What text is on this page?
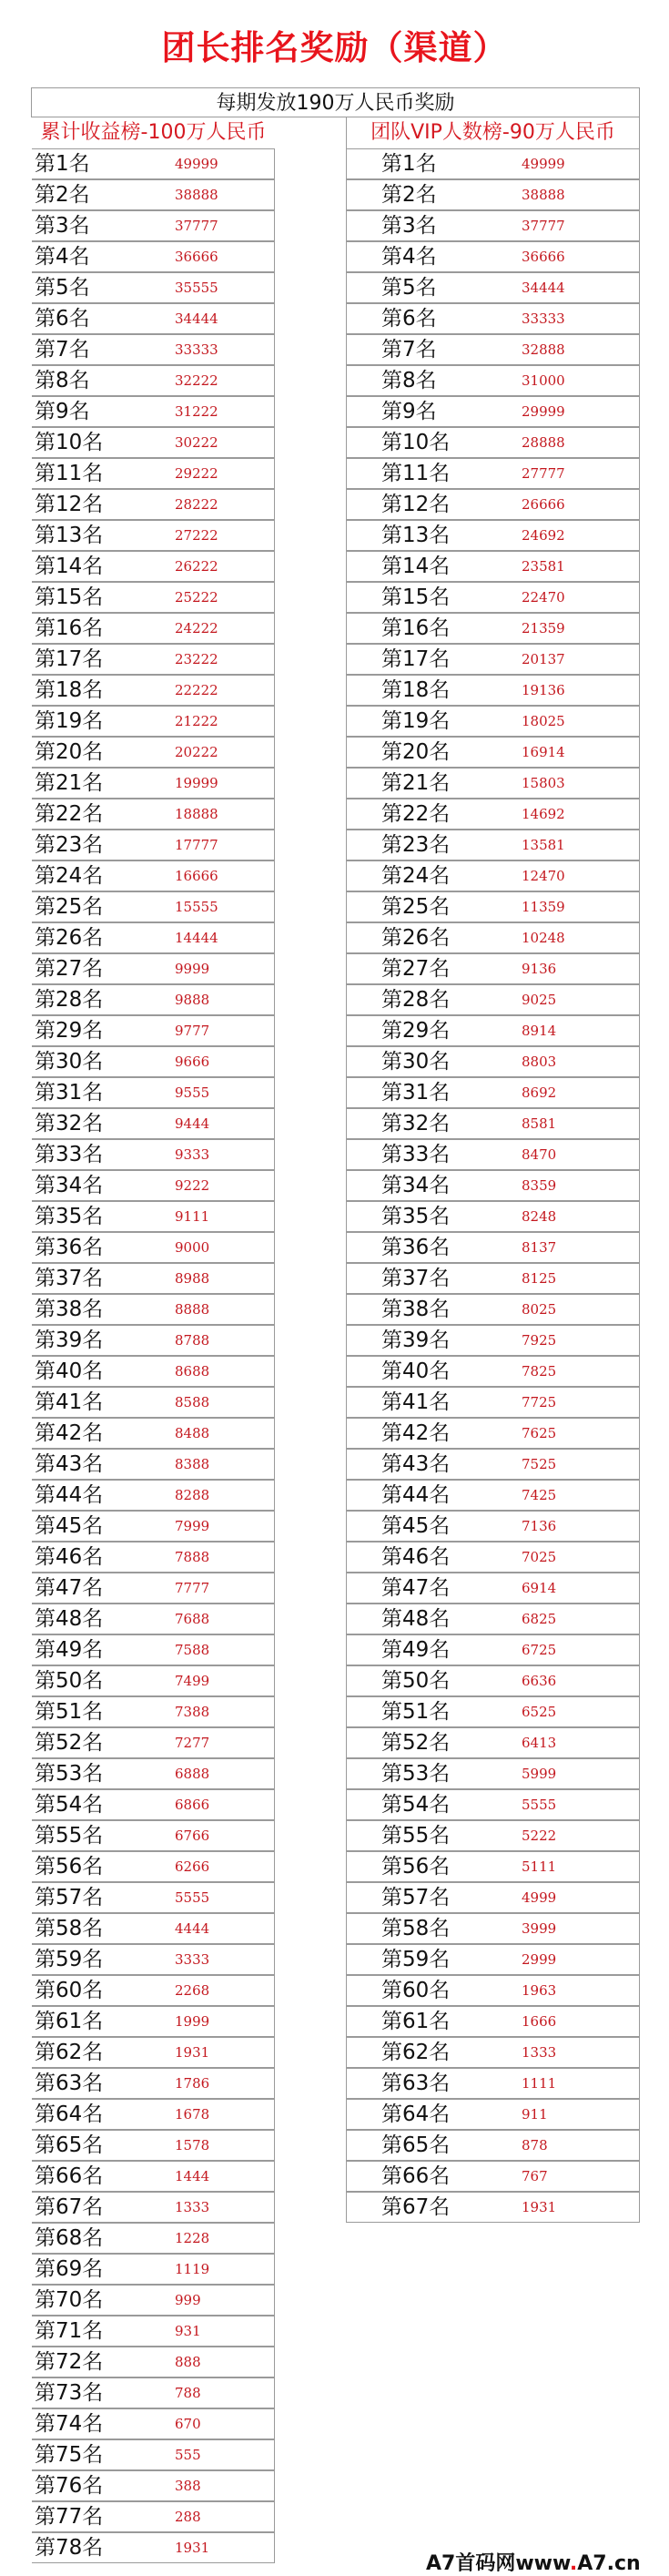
团长排名奖励（渠道）
每期发放190万人民币奖励
累计收益榜-100万人民币	团队VIP人数榜-90万人民币
第1名	49999
第2名	38888
第3名	37777
第4名	36666
第5名	35555
第6名	34444
第7名	33333
第8名	32222
第9名	31222
第10名	30222
第11名	29222
第12名	28222
第13名	27222
第14名	26222
第15名	25222
第16名	24222
第17名	23222
第18名	22222
第19名	21222
第20名	20222
第21名	19999
第22名	18888
第23名	17777
第24名	16666
第25名	15555
第26名	14444
第27名	9999
第28名	9888
第29名	9777
第30名	9666
第31名	9555
第32名	9444
第33名	9333
第34名	9222
第35名	9111
第36名	9000
第37名	8988
第38名	8888
第39名	8788
第40名	8688
第41名	8588
第42名	8488
第43名	8388
第44名	8288
第45名	7999
第46名	7888
第47名	7777
第48名	7688
第49名	7588
第50名	7499
第51名	7388
第52名	7277
第53名	6888
第54名	6866
第55名	6766
第56名	6266
第57名	5555
第58名	4444
第59名	3333
第60名	2268
第61名	1999
第62名	1931
第63名	1786
第64名	1678
第65名	1578
第66名	1444
第67名	1333
第68名	1228
第69名	1119
第70名	999
第71名	931
第72名	888
第73名	788
第74名	670
第75名	555
第76名	388
第77名	288
第78名	1931
第1名	49999
第2名	38888
第3名	37777
第4名	36666
第5名	34444
第6名	33333
第7名	32888
第8名	31000
第9名	29999
第10名	28888
第11名	27777
第12名	26666
第13名	24692
第14名	23581
第15名	22470
第16名	21359
第17名	20137
第18名	19136
第19名	18025
第20名	16914
第21名	15803
第22名	14692
第23名	13581
第24名	12470
第25名	11359
第26名	10248
第27名	9136
第28名	9025
第29名	8914
第30名	8803
第31名	8692
第32名	8581
第33名	8470
第34名	8359
第35名	8248
第36名	8137
第37名	8125
第38名	8025
第39名	7925
第40名	7825
第41名	7725
第42名	7625
第43名	7525
第44名	7425
第45名	7136
第46名	7025
第47名	6914
第48名	6825
第49名	6725
第50名	6636
第51名	6525
第52名	6413
第53名	5999
第54名	5555
第55名	5222
第56名	5111
第57名	4999
第58名	3999
第59名	2999
第60名	1963
第61名	1666
第62名	1333
第63名	1111
第64名	911
第65名	878
第66名	767
第67名	1931
A7首码网www.A7.cn
